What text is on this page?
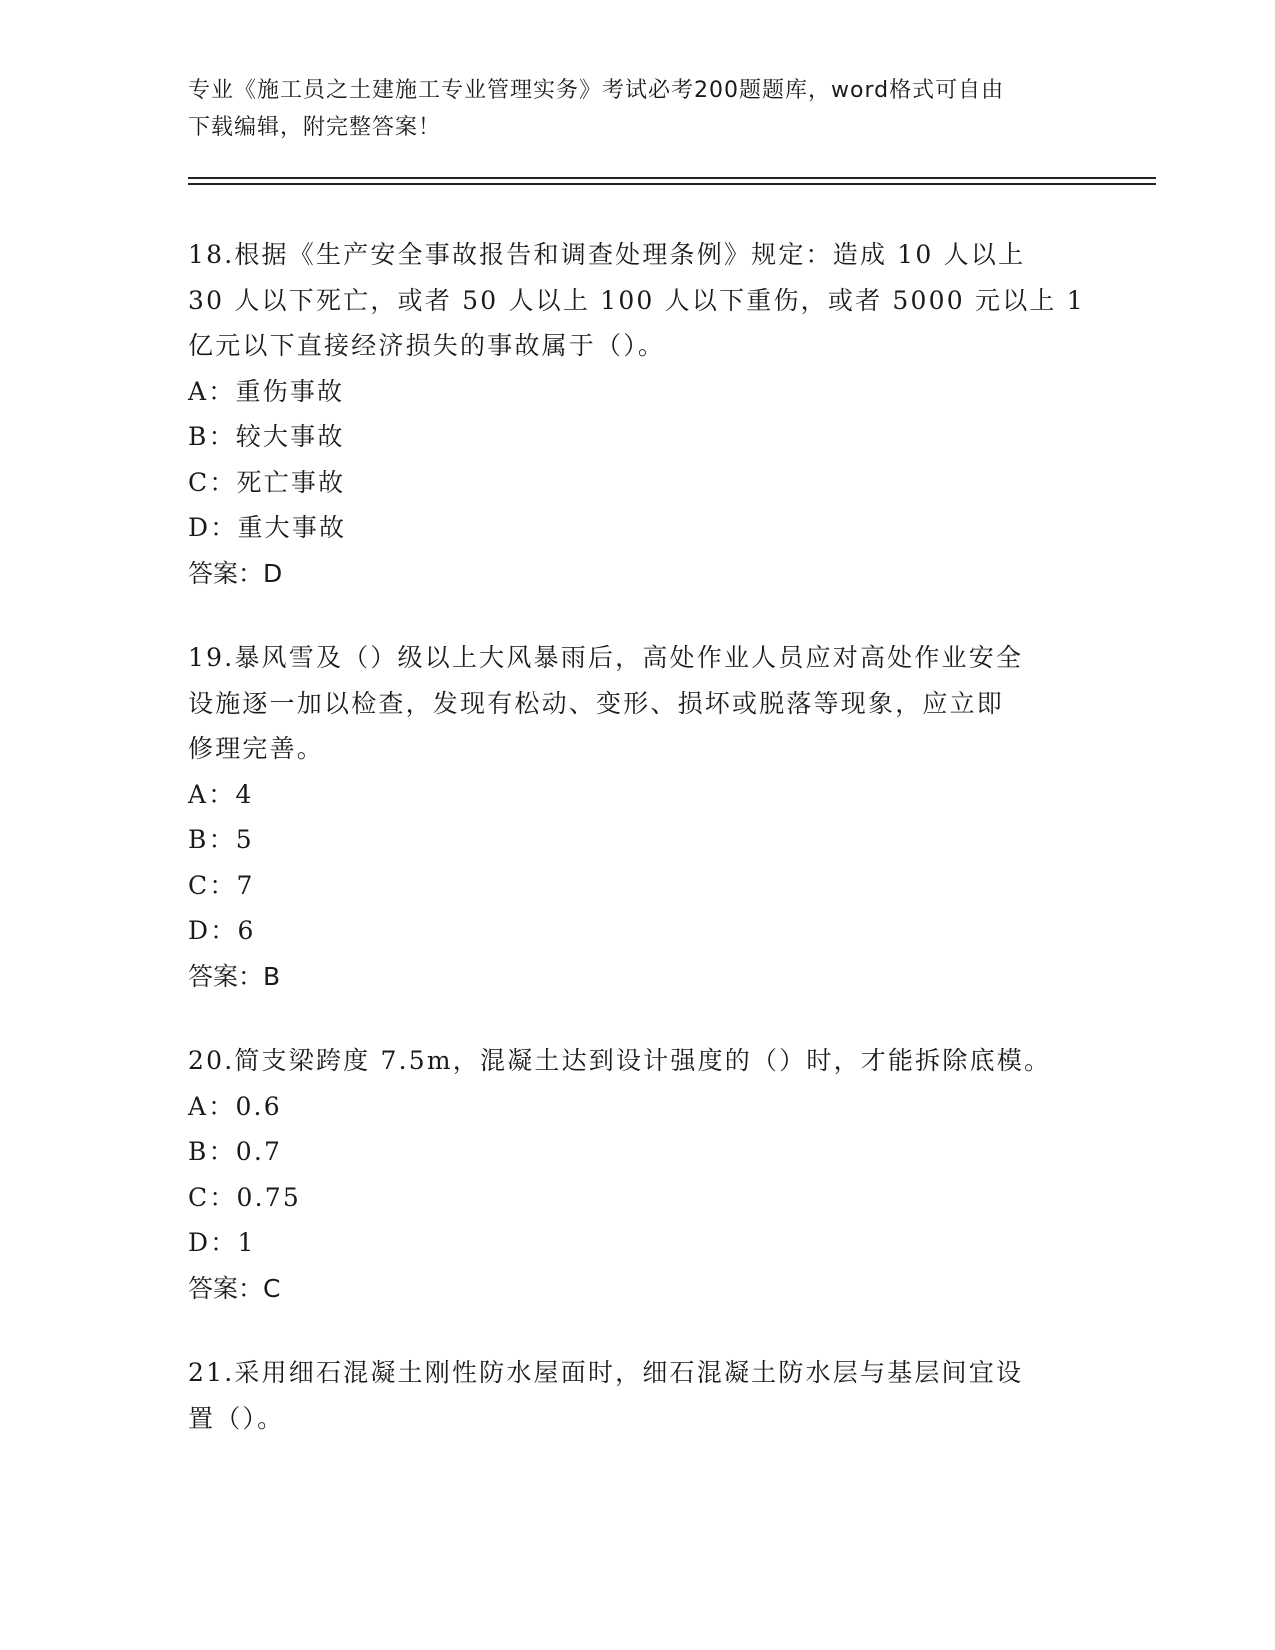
专业《施工员之土建施工专业管理实务》考试必考200题题库，word格式可自由
下载编辑，附完整答案！

18.根据《生产安全事故报告和调查处理条例》规定：造成 10 人以上

30 人以下死亡，或者 50 人以上 100 人以下重伤，或者 5000 元以上 1

亿元以下直接经济损失的事故属于（）。

A：重伤事故

B：较大事故

C：死亡事故

D：重大事故

答案：D

19.暴风雪及（）级以上大风暴雨后，高处作业人员应对高处作业安全

设施逐一加以检查，发现有松动、变形、损坏或脱落等现象，应立即

修理完善。

A：4

B：5

C：7

D：6

答案：B

20.简支梁跨度 7.5m，混凝土达到设计强度的（）时，才能拆除底模。

A：0.6

B：0.7

C：0.75

D：1

答案：C

21.采用细石混凝土刚性防水屋面时，细石混凝土防水层与基层间宜设

置（）。
